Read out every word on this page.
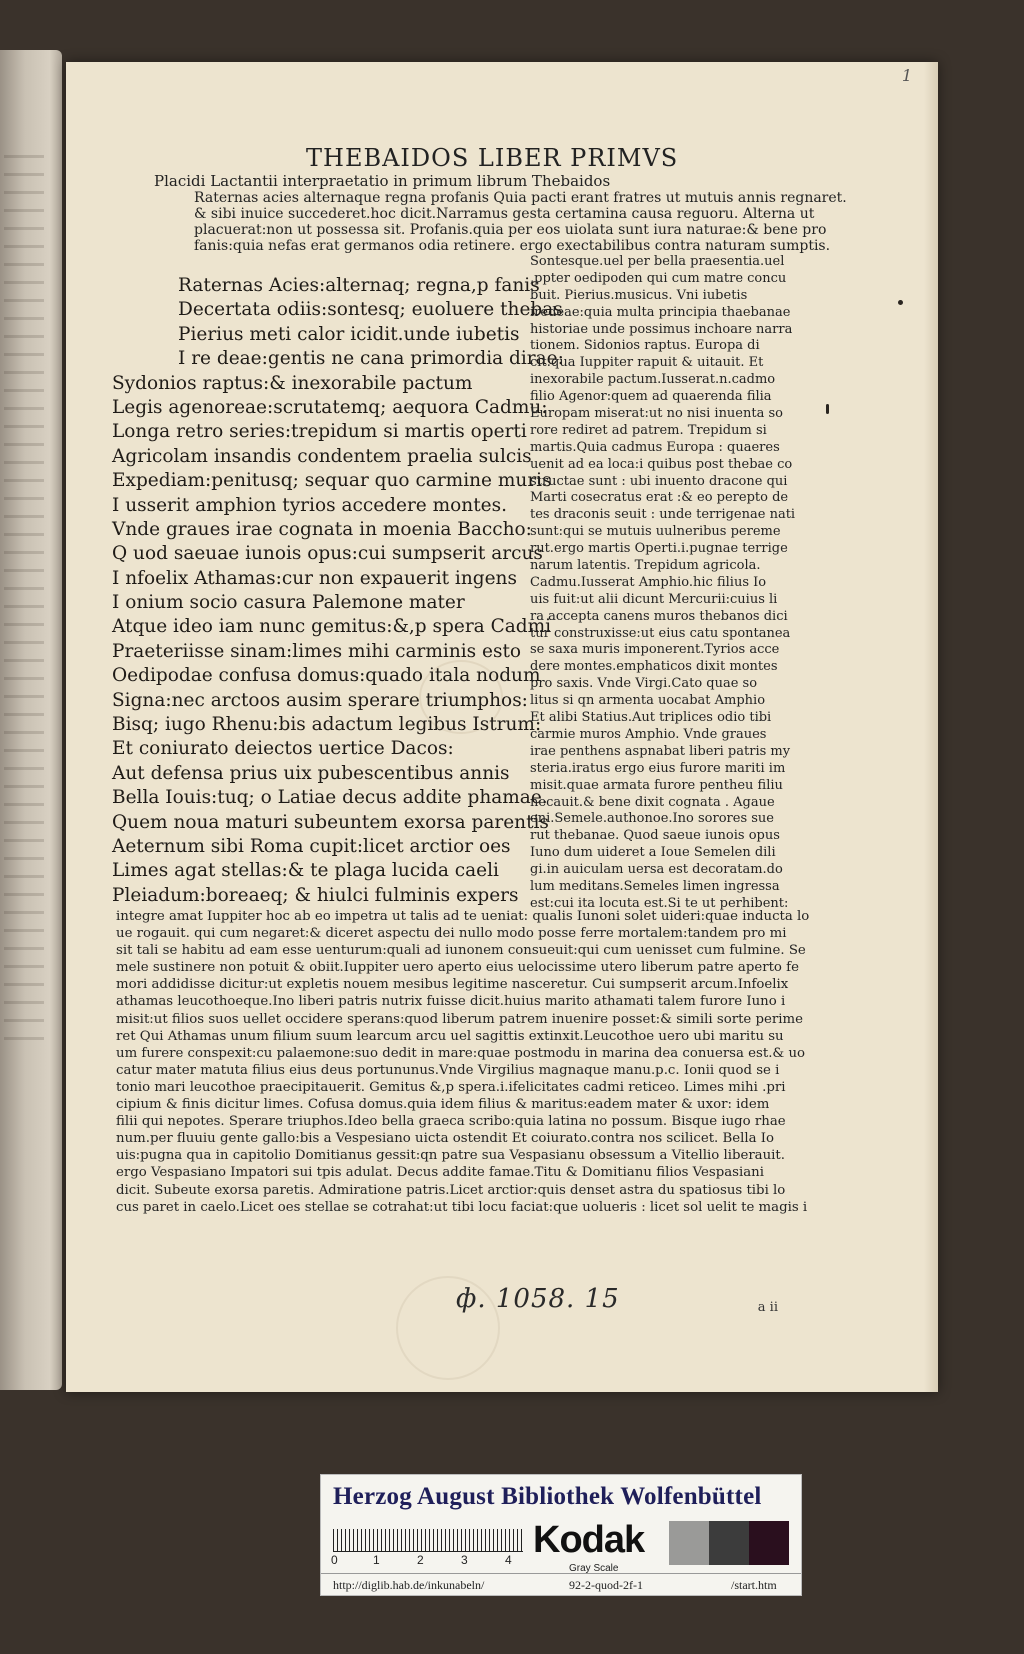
1
THEBAIDOS LIBER PRIMVS
Placidi Lactantii interpraetatio in primum librum Thebaidos
Raternas acies alternaque regna profanis Quia pacti erant fratres ut mutuis annis regnaret.
& sibi inuice succederet.hoc dicit.Narramus gesta certamina causa reguoru. Alterna ut
placuerat:non ut possessa sit. Profanis.quia per eos uiolata sunt iura naturae:& bene pro
fanis:quia nefas erat germanos odia retinere. ergo exectabilibus contra naturam sumptis.
Raternas Acies:alternaq; regna,p fanis
Decertata odiis:sontesq; euoluere thebas
Pierius meti calor icidit.unde iubetis
I re deae:gentis ne cana primordia dirae:
Sydonios raptus:& inexorabile pactum
Legis agenoreae:scrutatemq; aequora Cadmu:
Longa retro series:trepidum si martis operti
Agricolam insandis condentem praelia sulcis
Expediam:penitusq; sequar quo carmine muris
I usserit amphion tyrios accedere montes.
Vnde graues irae cognata in moenia Baccho:
Q uod saeuae iunois opus:cui sumpserit arcus
I nfoelix Athamas:cur non expauerit ingens
I onium socio casura Palemone mater
Atque ideo iam nunc gemitus:&,p spera Cadmi
Praeteriisse sinam:limes mihi carminis esto
Oedipodae confusa domus:quado itala nodum
Signa:nec arctoos ausim sperare triumphos:
Bisq; iugo Rhenu:bis adactum legibus Istrum:
Et coniurato deiectos uertice Dacos:
Aut defensa prius uix pubescentibus annis
Bella Iouis:tuq; o Latiae decus addite phamae.
Quem noua maturi subeuntem exorsa parentis
Aeternum sibi Roma cupit:licet arctior oes
Limes agat stellas:& te plaga lucida caeli
Pleiadum:boreaeq; & hiulci fulminis expers
Sontesque.uel per bella praesentia.uel
,ppter oedipoden qui cum matre concu
buit. Pierius.musicus. Vni iubetis
iredeae:quia multa principia thaebanae
historiae unde possimus inchoare narra
tionem. Sidonios raptus. Europa di
cit:qua Iuppiter rapuit & uitauit. Et
inexorabile pactum.Iusserat.n.cadmo
filio Agenor:quem ad quaerenda filia
Europam miserat:ut no nisi inuenta so
rore rediret ad patrem. Trepidum si
martis.Quia cadmus Europa : quaeres
uenit ad ea loca:i quibus post thebae co
structae sunt : ubi inuento dracone qui
Marti cosecratus erat :& eo perepto de
tes draconis seuit : unde terrigenae nati
sunt:qui se mutuis uulneribus pereme
rut.ergo martis Operti.i.pugnae terrige
narum latentis. Trepidum agricola.
Cadmu.Iusserat Amphio.hic filius Io
uis fuit:ut alii dicunt Mercurii:cuius li
ra accepta canens muros thebanos dici
tur construxisse:ut eius catu spontanea
se saxa muris imponerent.Tyrios acce
dere montes.emphaticos dixit montes
pro saxis. Vnde Virgi.Cato quae so
litus si qn armenta uocabat Amphio
Et alibi Statius.Aut triplices odio tibi
carmie muros Amphio. Vnde graues
irae penthens aspnabat liberi patris my
steria.iratus ergo eius furore mariti im
misit.quae armata furore pentheu filiu
necauit.& bene dixit cognata . Agaue
eni.Semele.authonoe.Ino sorores sue
rut thebanae. Quod saeue iunois opus
Iuno dum uideret a Ioue Semelen dili
gi.in auiculam uersa est decoratam.do
lum meditans.Semeles limen ingressa
est:cui ita locuta est.Si te ut perhibent:
integre amat Iuppiter hoc ab eo impetra ut talis ad te ueniat: qualis Iunoni solet uideri:quae inducta lo
ue rogauit. qui cum negaret:& diceret aspectu dei nullo modo posse ferre mortalem:tandem pro mi
sit tali se habitu ad eam esse uenturum:quali ad iunonem consueuit:qui cum uenisset cum fulmine. Se
mele sustinere non potuit & obiit.Iuppiter uero aperto eius uelocissime utero liberum patre aperto fe
mori addidisse dicitur:ut expletis nouem mesibus legitime nasceretur. Cui sumpserit arcum.Infoelix
athamas leucothoeque.Ino liberi patris nutrix fuisse dicit.huius marito athamati talem furore Iuno i
misit:ut filios suos uellet occidere sperans:quod liberum patrem inuenire posset:& simili sorte perime
ret Qui Athamas unum filium suum learcum arcu uel sagittis extinxit.Leucothoe uero ubi maritu su
um furere conspexit:cu palaemone:suo dedit in mare:quae postmodu in marina dea conuersa est.& uo
catur mater matuta filius eius deus portununus.Vnde Virgilius magnaque manu.p.c. Ionii quod se i
tonio mari leucothoe praecipitauerit. Gemitus &,p spera.i.ifelicitates cadmi reticeo. Limes mihi .pri
cipium & finis dicitur limes. Cofusa domus.quia idem filius & maritus:eadem mater & uxor: idem
filii qui nepotes. Sperare triuphos.Ideo bella graeca scribo:quia latina no possum. Bisque iugo rhae
num.per fluuiu gente gallo:bis a Vespesiano uicta ostendit Et coiurato.contra nos scilicet. Bella Io
uis:pugna qua in capitolio Domitianus gessit:qn patre sua Vespasianu obsessum a Vitellio liberauit.
ergo Vespasiano Impatori sui tpis adulat. Decus addite famae.Titu & Domitianu filios Vespasiani
dicit. Subeute exorsa paretis. Admiratione patris.Licet arctior:quis denset astra du spatiosus tibi lo
cus paret in caelo.Licet oes stellae se cotrahat:ut tibi locu faciat:que uolueris : licet sol uelit te magis i
a ii
ф. 1058. 15
Herzog August Bibliothek Wolfenbüttel
0	1	2	3	4 Kodak
Gray Scale
http://diglib.hab.de/inkunabeln/	92-2-quod-2f-1	/start.htm
